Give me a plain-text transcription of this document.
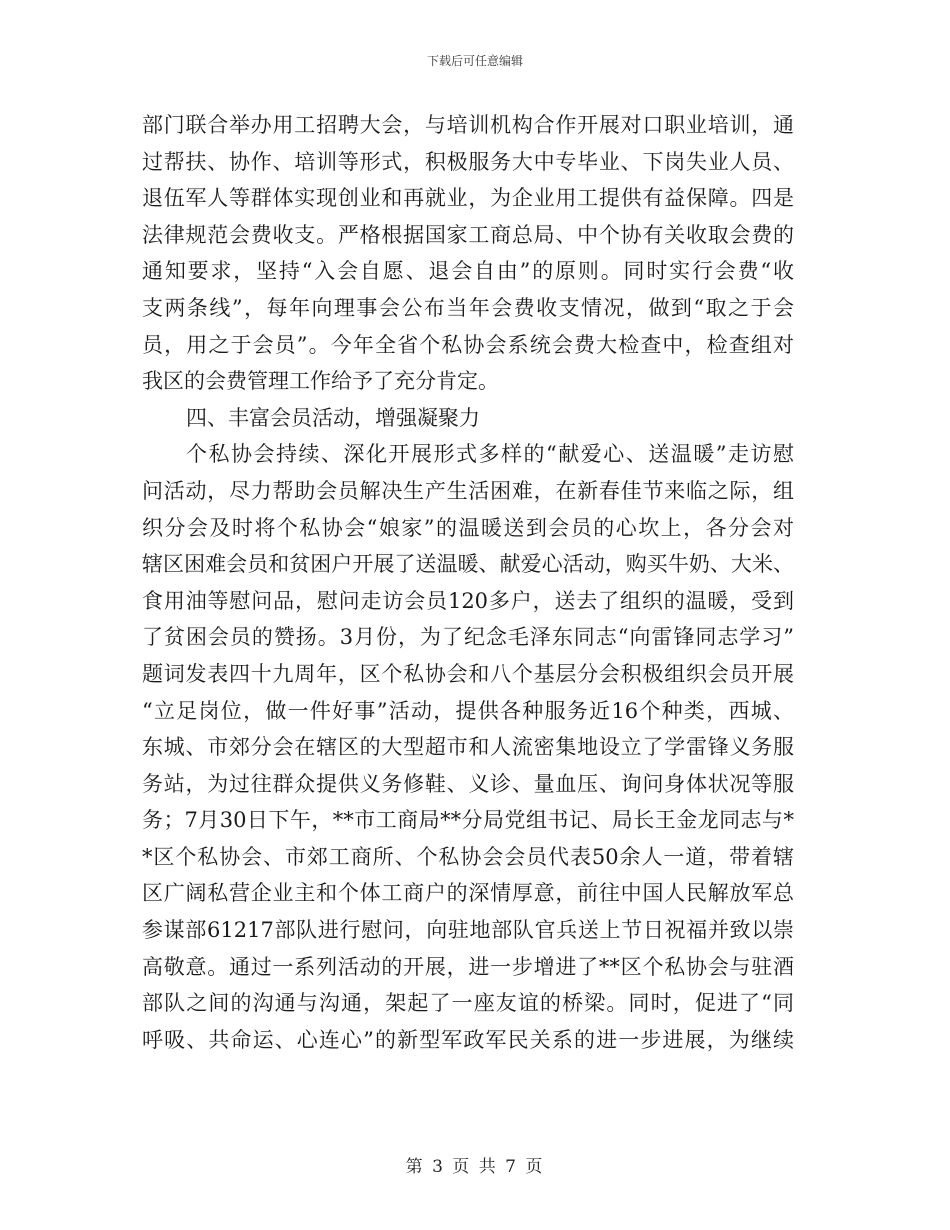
下载后可任意编辑
部门联合举办用工招聘大会，与培训机构合作开展对口职业培训，通
过帮扶、协作、培训等形式，积极服务大中专毕业、下岗失业人员、
退伍军人等群体实现创业和再就业，为企业用工提供有益保障。四是
法律规范会费收支。严格根据国家工商总局、中个协有关收取会费的
通知要求，坚持“入会自愿、退会自由”的原则。同时实行会费“收
支两条线”，每年向理事会公布当年会费收支情况，做到“取之于会
员，用之于会员”。今年全省个私协会系统会费大检查中，检查组对
我区的会费管理工作给予了充分肯定。
四、丰富会员活动，增强凝聚力
个私协会持续、深化开展形式多样的“献爱心、送温暖”走访慰
问活动，尽力帮助会员解决生产生活困难，在新春佳节来临之际，组
织分会及时将个私协会“娘家”的温暖送到会员的心坎上，各分会对
辖区困难会员和贫困户开展了送温暖、献爱心活动，购买牛奶、大米、
食用油等慰问品，慰问走访会员120多户，送去了组织的温暖，受到
了贫困会员的赞扬。3月份，为了纪念毛泽东同志“向雷锋同志学习”
题词发表四十九周年，区个私协会和八个基层分会积极组织会员开展
“立足岗位，做一件好事”活动，提供各种服务近16个种类，西城、
东城、市郊分会在辖区的大型超市和人流密集地设立了学雷锋义务服
务站，为过往群众提供义务修鞋、义诊、量血压、询问身体状况等服
务；7月30日下午，**市工商局**分局党组书记、局长王金龙同志与*
*区个私协会、市郊工商所、个私协会会员代表50余人一道，带着辖
区广阔私营企业主和个体工商户的深情厚意，前往中国人民解放军总
参谋部61217部队进行慰问，向驻地部队官兵送上节日祝福并致以崇
高敬意。通过一系列活动的开展，进一步增进了**区个私协会与驻酒
部队之间的沟通与沟通，架起了一座友谊的桥梁。同时，促进了“同
呼吸、共命运、心连心”的新型军政军民关系的进一步进展，为继续
第 3 页 共 7 页
